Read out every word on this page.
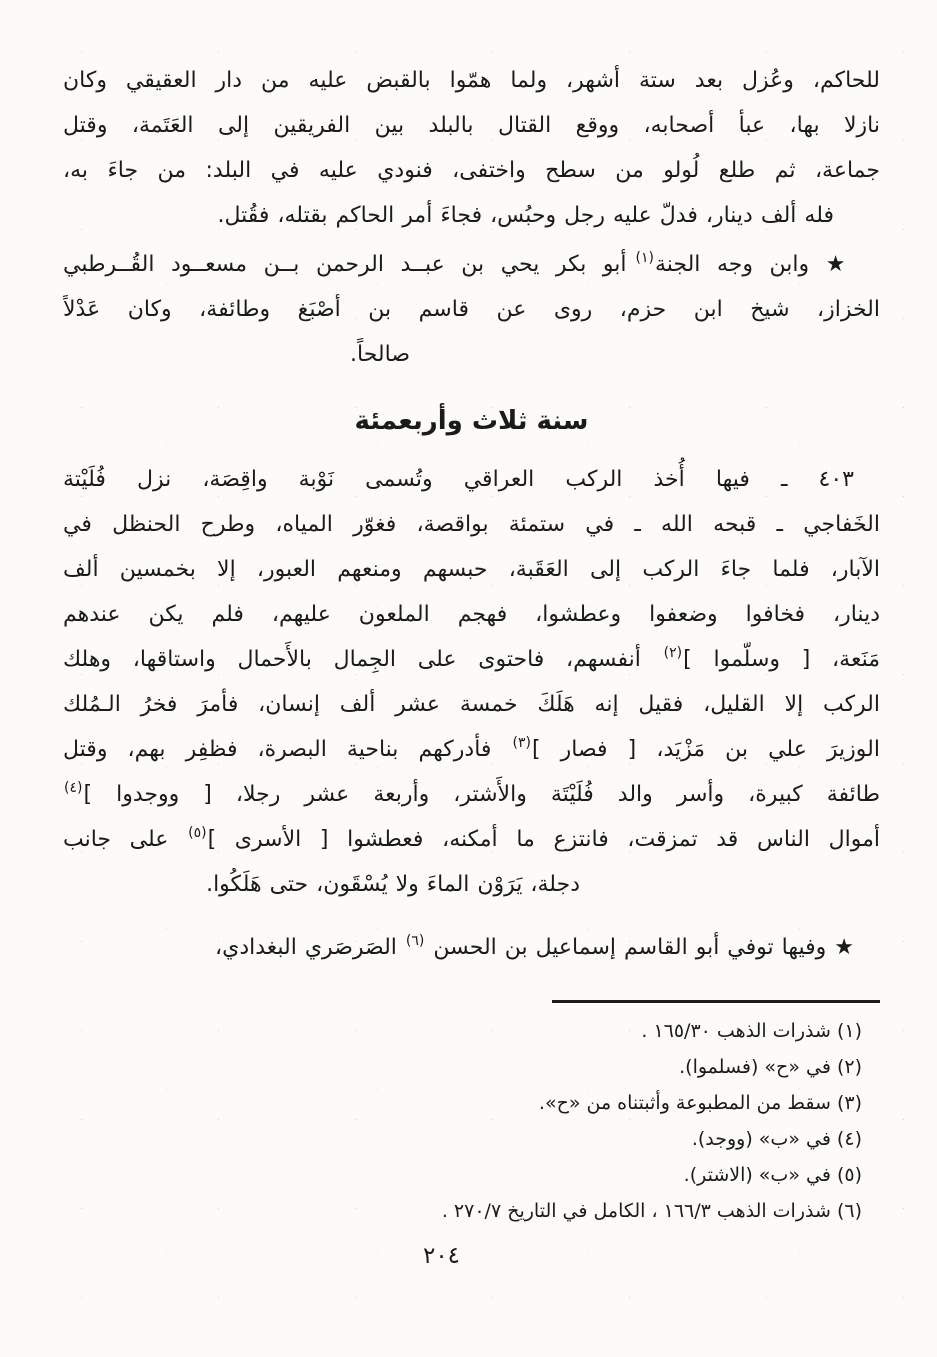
للحاكم، وعُزل بعد ستة أشهر، ولما همّوا بالقبض عليه من دار العقيقي وكان
نازلا بها، عبأ أصحابه، ووقع القتال بالبلد بين الفريقين إلى العَتَمة، وقتل
جماعة، ثم طلع لُولو من سطح واختفى، فنودي عليه في البلد: من جاءَ به،
فله ألف دينار، فدلّ عليه رجل وحبُس، فجاءَ أمر الحاكم بقتله، فقُتل.
★ وابن وجه الجنة$^{(١)}$ أبو بكر يحي بن عبــد الرحمن بــن مسعــود القُــرطبي
الخزاز، شيخ ابن حزم، روى عن قاسم بن أصْبَغ وطائفة، وكان عَدْلاً
صالحاً.
سنة ثلاث وأربعمئة
٤٠٣ ـ فيها أُخذ الركب العراقي وتُسمى نَوْبة واقِصَة، نزل فُلَيْتة
الخَفاجي ـ قبحه الله ـ في ستمئة بواقصة، فغوّر المياه، وطرح الحنظل في
الآبار، فلما جاءَ الركب إلى العَقَبة، حبسهم ومنعهم العبور، إلا بخمسين ألف
دينار، فخافوا وضعفوا وعطشوا، فهجم الملعون عليهم، فلم يكن عندهم
مَنَعة، [ وسلّموا ]$^{(٢)}$ أنفسهم، فاحتوى على الجِمال بالأَحمال واستاقها، وهلك
الركب إلا القليل، فقيل إنه هَلَكَ خمسة عشر ألف إنسان، فأمرَ فخرُ الـمُلك
الوزيرَ علي بن مَزْيَد، [ فصار ]$^{(٣)}$ فأدركهم بناحية البصرة، فظفِر بهم، وقتل
طائفة كبيرة، وأسر والد فُلَيْتَة والأَشتر، وأربعة عشر رجلا، [ ووجدوا ]$^{(٤)}$
أموال الناس قد تمزقت، فانتزع ما أمكنه، فعطشوا [ الأسرى ]$^{(٥)}$ على جانب
دجلة، يَرَوْن الماءَ ولا يُسْقَون، حتى هَلَكُوا.
★ وفيها توفي أبو القاسم إسماعيل بن الحسن $^{(٦)}$ الصَرصَري البغدادي،
(١) شذرات الذهب ١٦٥/٣٠ .
(٢) في «ح» (فسلموا).
(٣) سقط من المطبوعة وأثبتناه من «ح».
(٤) في «ب» (ووجد).
(٥) في «ب» (الاشتر).
(٦) شذرات الذهب ١٦٦/٣ ، الكامل في التاريخ ٢٧٠/٧ .
٢٠٤
